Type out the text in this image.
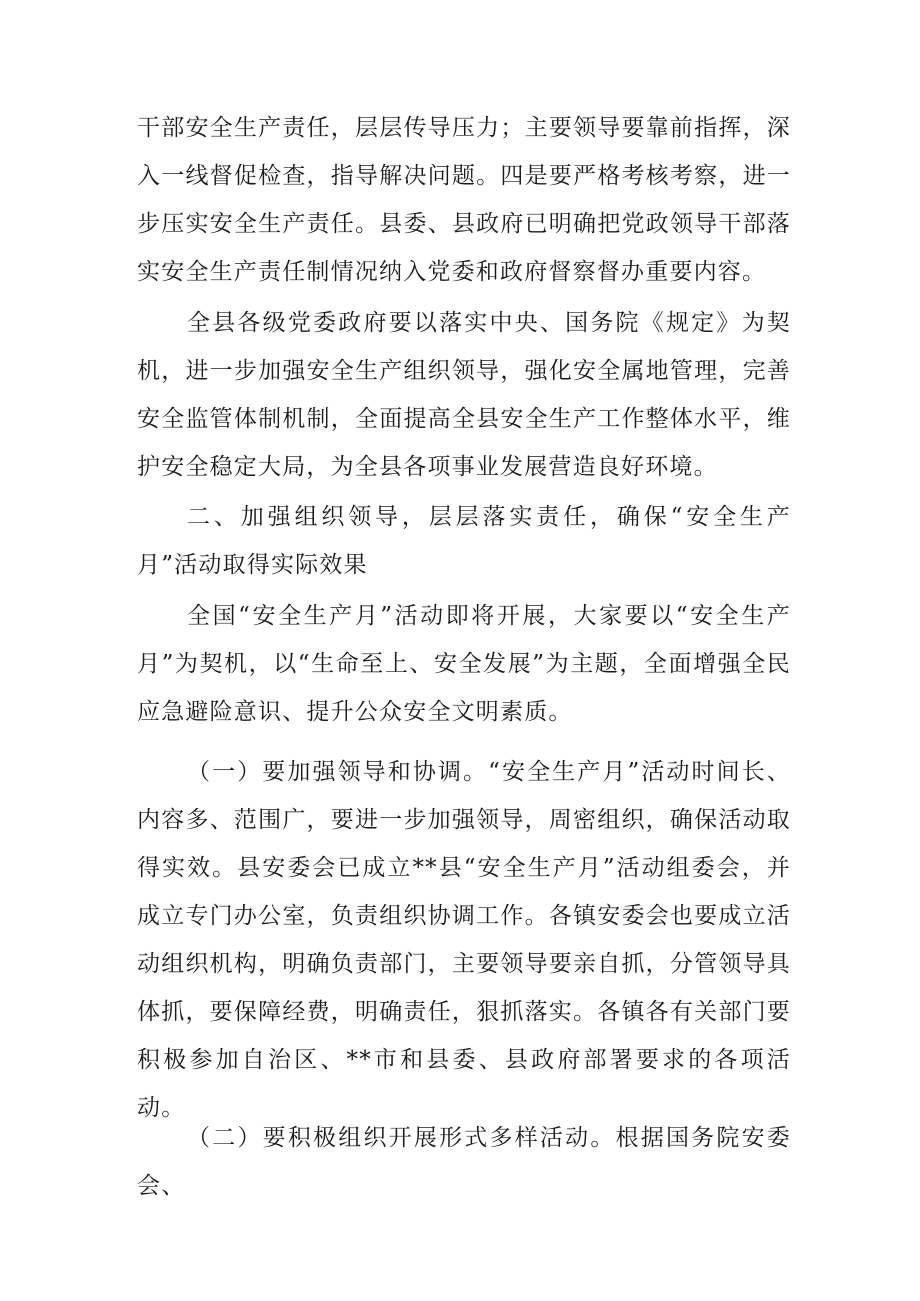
干部安全生产责任，层层传导压力；主要领导要靠前指挥，深入一线督促检查，指导解决问题。四是要严格考核考察，进一步压实安全生产责任。县委、县政府已明确把党政领导干部落实安全生产责任制情况纳入党委和政府督察督办重要内容。

全县各级党委政府要以落实中央、国务院《规定》为契机，进一步加强安全生产组织领导，强化安全属地管理，完善安全监管体制机制，全面提高全县安全生产工作整体水平，维护安全稳定大局，为全县各项事业发展营造良好环境。

二、加强组织领导，层层落实责任，确保“安全生产月”活动取得实际效果

全国“安全生产月”活动即将开展，大家要以“安全生产月”为契机，以“生命至上、安全发展”为主题，全面增强全民应急避险意识、提升公众安全文明素质。

（一）要加强领导和协调。“安全生产月”活动时间长、内容多、范围广，要进一步加强领导，周密组织，确保活动取得实效。县安委会已成立**县“安全生产月”活动组委会，并成立专门办公室，负责组织协调工作。各镇安委会也要成立活动组织机构，明确负责部门，主要领导要亲自抓，分管领导具体抓，要保障经费，明确责任，狠抓落实。各镇各有关部门要积极参加自治区、**市和县委、县政府部署要求的各项活动。

（二）要积极组织开展形式多样活动。根据国务院安委会、
